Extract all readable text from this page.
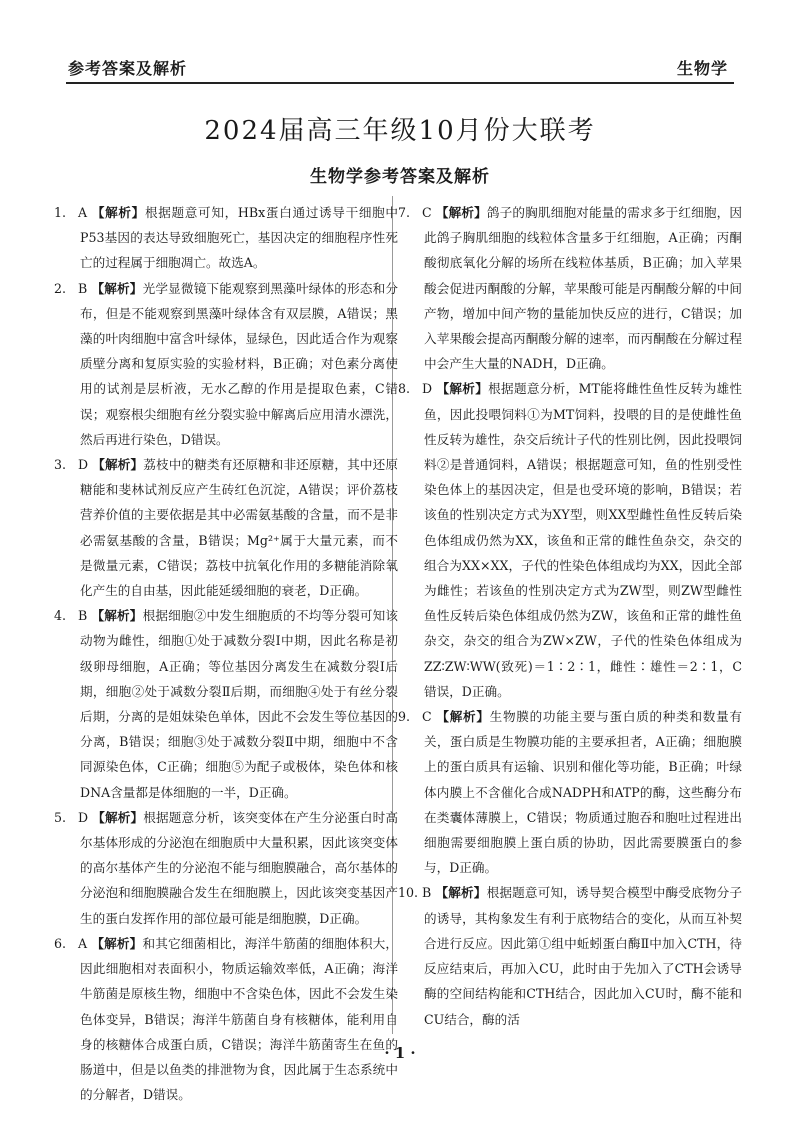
参考答案及解析	生物学
2024届高三年级10月份大联考
生物学参考答案及解析

1. A 【解析】根据题意可知，HBx蛋白通过诱导干细胞中P53基因的表达导致细胞死亡，基因决定的细胞程序性死亡的过程属于细胞凋亡。故选A。

2. B 【解析】光学显微镜下能观察到黑藻叶绿体的形态和分布，但是不能观察到黑藻叶绿体含有双层膜，A错误；黑藻的叶肉细胞中富含叶绿体，显绿色，因此适合作为观察质壁分离和复原实验的实验材料，B正确；对色素分离使用的试剂是层析液，无水乙醇的作用是提取色素，C错误；观察根尖细胞有丝分裂实验中解离后应用清水漂洗，然后再进行染色，D错误。

3. D 【解析】荔枝中的糖类有还原糖和非还原糖，其中还原糖能和斐林试剂反应产生砖红色沉淀，A错误；评价荔枝营养价值的主要依据是其中必需氨基酸的含量，而不是非必需氨基酸的含量，B错误；Mg²⁺属于大量元素，而不是微量元素，C错误；荔枝中抗氧化作用的多糖能消除氧化产生的自由基，因此能延缓细胞的衰老，D正确。

4. B 【解析】根据细胞②中发生细胞质的不均等分裂可知该动物为雌性，细胞①处于减数分裂Ⅰ中期，因此名称是初级卵母细胞，A正确；等位基因分离发生在减数分裂Ⅰ后期，细胞②处于减数分裂Ⅱ后期，而细胞④处于有丝分裂后期，分离的是姐妹染色单体，因此不会发生等位基因的分离，B错误；细胞③处于减数分裂Ⅱ中期，细胞中不含同源染色体，C正确；细胞⑤为配子或极体，染色体和核DNA含量都是体细胞的一半，D正确。

5. D 【解析】根据题意分析，该突变体在产生分泌蛋白时高尔基体形成的分泌泡在细胞质中大量积累，因此该突变体的高尔基体产生的分泌泡不能与细胞膜融合，高尔基体的分泌泡和细胞膜融合发生在细胞膜上，因此该突变基因产生的蛋白发挥作用的部位最可能是细胞膜，D正确。

6. A 【解析】和其它细菌相比，海洋牛筋菌的细胞体积大，因此细胞相对表面积小，物质运输效率低，A正确；海洋牛筋菌是原核生物，细胞中不含染色体，因此不会发生染色体变异，B错误；海洋牛筋菌自身有核糖体，能利用自身的核糖体合成蛋白质，C错误；海洋牛筋菌寄生在鱼的肠道中，但是以鱼类的排泄物为食，因此属于生态系统中的分解者，D错误。

7. C 【解析】鸽子的胸肌细胞对能量的需求多于红细胞，因此鸽子胸肌细胞的线粒体含量多于红细胞，A正确；丙酮酸彻底氧化分解的场所在线粒体基质，B正确；加入苹果酸会促进丙酮酸的分解，苹果酸可能是丙酮酸分解的中间产物，增加中间产物的量能加快反应的进行，C错误；加入苹果酸会提高丙酮酸分解的速率，而丙酮酸在分解过程中会产生大量的NADH，D正确。

8. D 【解析】根据题意分析，MT能将雌性鱼性反转为雄性鱼，因此投喂饲料①为MT饲料，投喂的目的是使雌性鱼性反转为雄性，杂交后统计子代的性别比例，因此投喂饲料②是普通饲料，A错误；根据题意可知，鱼的性别受性染色体上的基因决定，但是也受环境的影响，B错误；若该鱼的性别决定方式为XY型，则XX型雌性鱼性反转后染色体组成仍然为XX，该鱼和正常的雌性鱼杂交，杂交的组合为XX×XX，子代的性染色体组成均为XX，因此全部为雌性；若该鱼的性别决定方式为ZW型，则ZW型雌性鱼性反转后染色体组成仍然为ZW，该鱼和正常的雌性鱼杂交，杂交的组合为ZW×ZW，子代的性染色体组成为ZZ∶ZW∶WW(致死)＝1∶2∶1，雌性∶雄性＝2∶1，C错误，D正确。

9. C 【解析】生物膜的功能主要与蛋白质的种类和数量有关，蛋白质是生物膜功能的主要承担者，A正确；细胞膜上的蛋白质具有运输、识别和催化等功能，B正确；叶绿体内膜上不含催化合成NADPH和ATP的酶，这些酶分布在类囊体薄膜上，C错误；物质通过胞吞和胞吐过程进出细胞需要细胞膜上蛋白质的协助，因此需要膜蛋白的参与，D正确。

10. B 【解析】根据题意可知，诱导契合模型中酶受底物分子的诱导，其构象发生有利于底物结合的变化，从而互补契合进行反应。因此第①组中蚯蚓蛋白酶Ⅱ中加入CTH，待反应结束后，再加入CU，此时由于先加入了CTH会诱导酶的空间结构能和CTH结合，因此加入CU时，酶不能和CU结合，酶的活

· 1 ·
